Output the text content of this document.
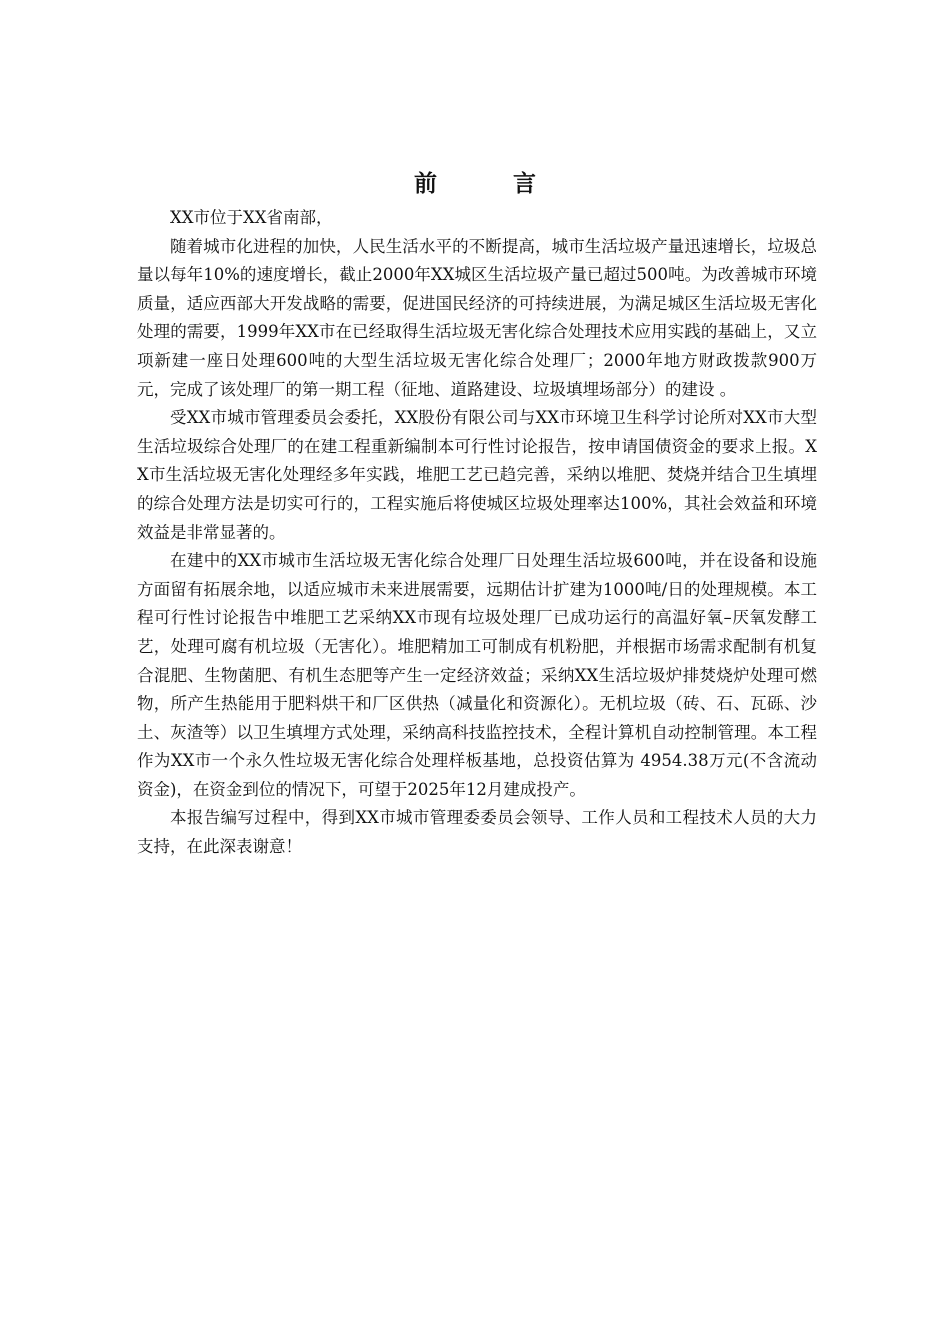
前 言

XX市位于XX省南部，

随着城市化进程的加快，人民生活水平的不断提高，城市生活垃圾产量迅速增长，垃圾总量以每年10%的速度增长，截止2000年XX城区生活垃圾产量已超过500吨。为改善城市环境质量，适应西部大开发战略的需要，促进国民经济的可持续进展，为满足城区生活垃圾无害化处理的需要，1999年XX市在已经取得生活垃圾无害化综合处理技术应用实践的基础上，又立项新建一座日处理600吨的大型生活垃圾无害化综合处理厂；2000年地方财政拨款900万元，完成了该处理厂的第一期工程（征地、道路建设、垃圾填埋场部分）的建设 。

受XX市城市管理委员会委托，XX股份有限公司与XX市环境卫生科学讨论所对XX市大型生活垃圾综合处理厂的在建工程重新编制本可行性讨论报告，按申请国债资金的要求上报。XX市生活垃圾无害化处理经多年实践，堆肥工艺已趋完善，采纳以堆肥、焚烧并结合卫生填埋的综合处理方法是切实可行的，工程实施后将使城区垃圾处理率达100%，其社会效益和环境效益是非常显著的。

在建中的XX市城市生活垃圾无害化综合处理厂日处理生活垃圾600吨，并在设备和设施方面留有拓展余地，以适应城市未来进展需要，远期估计扩建为1000吨/日的处理规模。本工程可行性讨论报告中堆肥工艺采纳XX市现有垃圾处理厂已成功运行的高温好氧–厌氧发酵工艺，处理可腐有机垃圾（无害化）。堆肥精加工可制成有机粉肥，并根据市场需求配制有机复合混肥、生物菌肥、有机生态肥等产生一定经济效益；采纳XX生活垃圾炉排焚烧炉处理可燃物，所产生热能用于肥料烘干和厂区供热（减量化和资源化）。无机垃圾（砖、石、瓦砾、沙土、灰渣等）以卫生填埋方式处理，采纳高科技监控技术，全程计算机自动控制管理。本工程作为XX市一个永久性垃圾无害化综合处理样板基地，总投资估算为 4954.38万元(不含流动资金)，在资金到位的情况下，可望于2025年12月建成投产。

本报告编写过程中，得到XX市城市管理委委员会领导、工作人员和工程技术人员的大力支持，在此深表谢意！
